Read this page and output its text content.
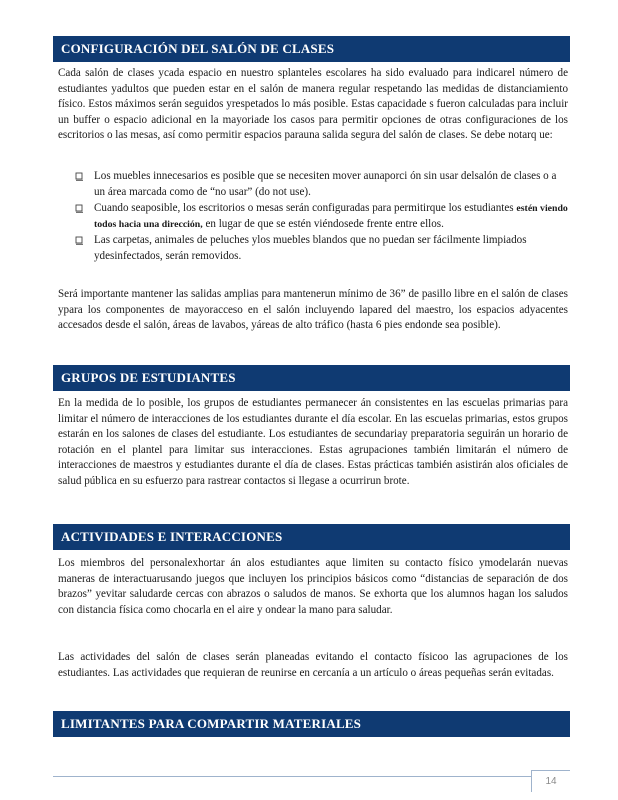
CONFIGURACIÓN DEL SALÓN DE CLASES

Cada salón de clases ycada espacio en nuestro splanteles escolares ha sido evaluado para indicarel número de estudiantes yadultos que pueden estar en el salón de manera regular respetando las medidas de distanciamiento físico. Estos máximos serán seguidos yrespetados lo más posible. Estas capacidade s fueron calculadas para incluir un buffer o espacio adicional en la mayoriade los casos para permitir opciones de otras configuraciones de los escritorios o las mesas, así como permitir espacios parauna salida segura del salón de clases. Se debe notarq ue:

Los muebles innecesarios es posible que se necesiten mover aunaporci ón sin usar delsalón de clases o a un área marcada como de “no usar” (do not use).
Cuando seaposible, los escritorios o mesas serán configuradas para permitirque los estudiantes estén viendo todos hacia una dirección, en lugar de que se estén viéndosede frente entre ellos.
Las carpetas, animales de peluches ylos muebles blandos que no puedan ser fácilmente limpiados ydesinfectados, serán removidos.

Será importante mantener las salidas amplias para mantenerun mínimo de 36” de pasillo libre en el salón de clases ypara los componentes de mayoracceso en el salón incluyendo lapared del maestro, los espacios adyacentes accesados desde el salón, áreas de lavabos, yáreas de alto tráfico (hasta 6 pies endonde sea posible).

GRUPOS DE ESTUDIANTES

En la medida de lo posible, los grupos de estudiantes permanecer án consistentes en las escuelas primarias para limitar el número de interacciones de los estudiantes durante el día escolar. En las escuelas primarias, estos grupos estarán en los salones de clases del estudiante. Los estudiantes de secundariay preparatoria seguirán un horario de rotación en el plantel para limitar sus interacciones. Estas agrupaciones también limitarán el número de interacciones de maestros y estudiantes durante el día de clases. Estas prácticas también asistirán alos oficiales de salud pública en su esfuerzo para rastrear contactos si llegase a ocurrirun brote.

ACTIVIDADES E INTERACCIONES

Los miembros del personalexhortar án alos estudiantes aque limiten su contacto físico ymodelarán nuevas maneras de interactuarusando juegos que incluyen los principios básicos como “distancias de separación de dos brazos” yevitar saludarde cercas con abrazos o saludos de manos. Se exhorta que los alumnos hagan los saludos con distancia física como chocarla en el aire y ondear la mano para saludar.

Las actividades del salón de clases serán planeadas evitando el contacto físicoo las agrupaciones de los estudiantes. Las actividades que requieran de reunirse en cercanía a un artículo o áreas pequeñas serán evitadas.

LIMITANTES PARA COMPARTIR MATERIALES
14
